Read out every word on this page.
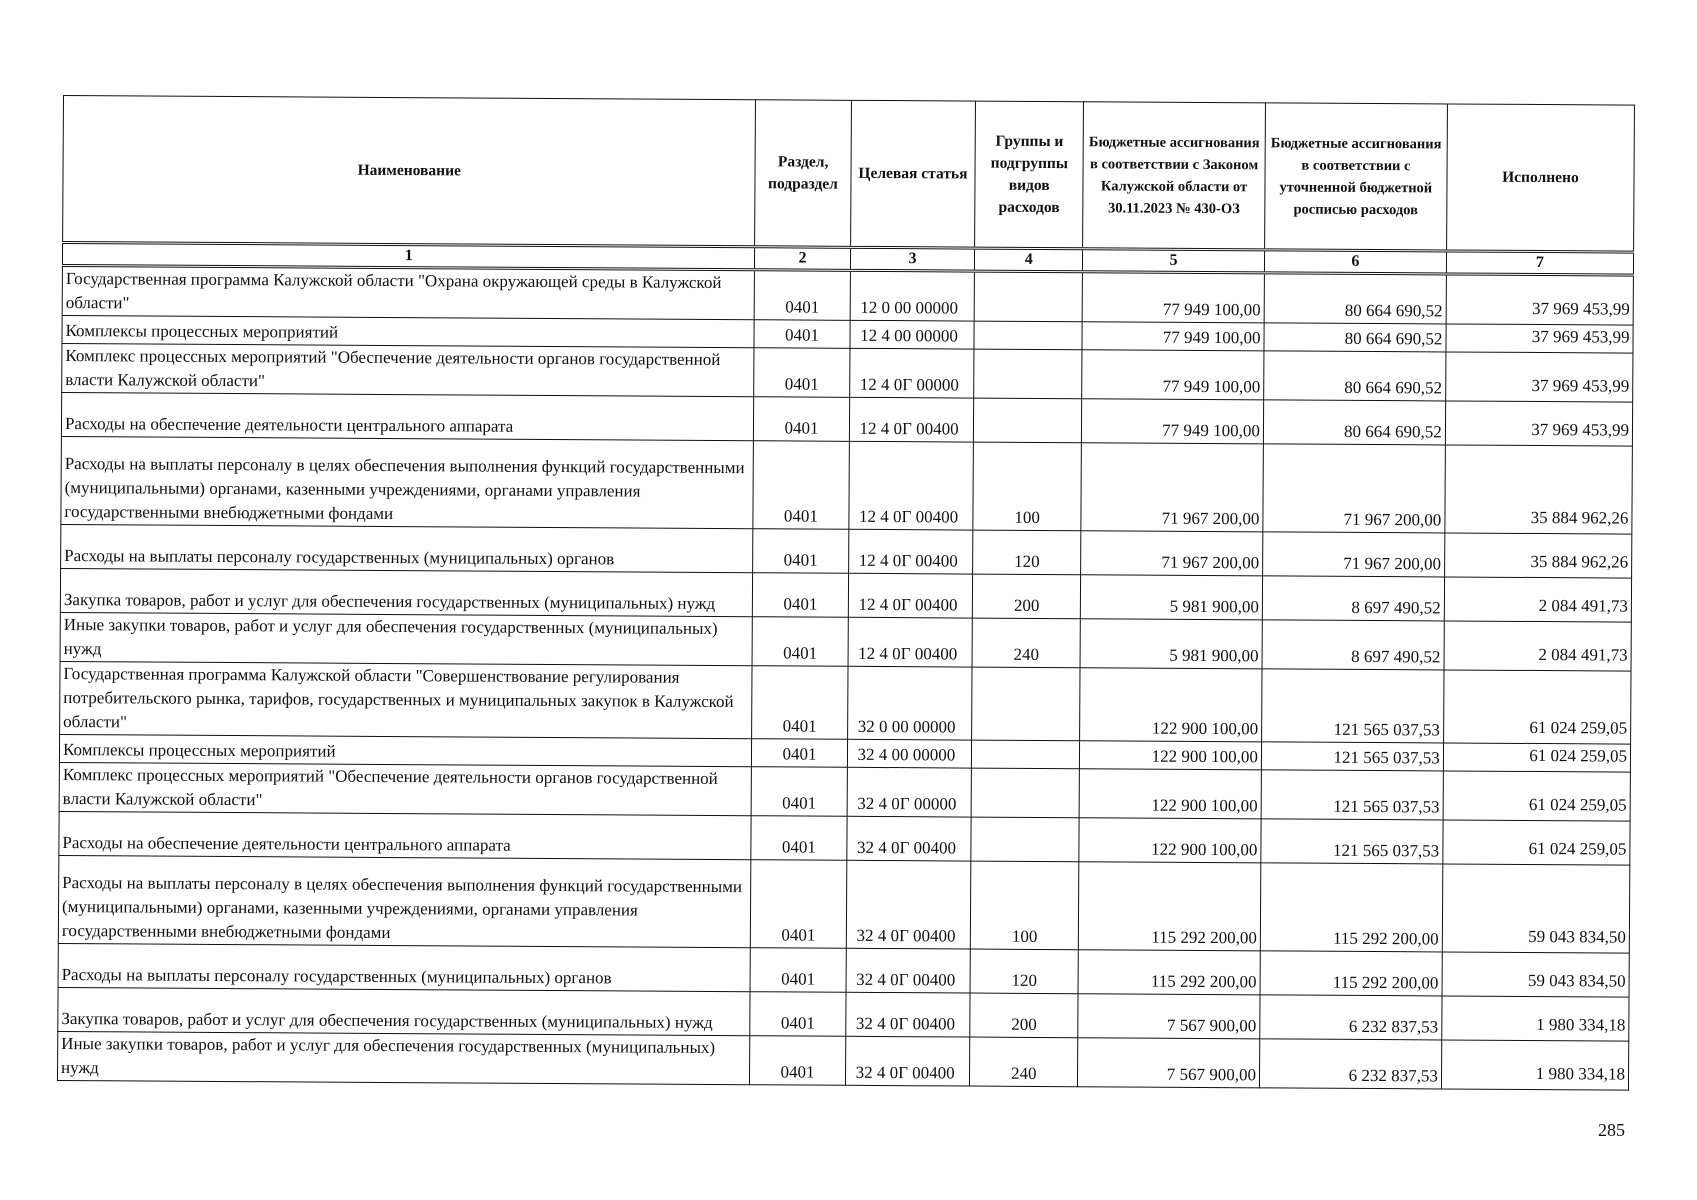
Наименование	Раздел, подраздел	Целевая статья	Группы и подгруппы видов расходов	Бюджетные ассигнования в соответствии с Законом Калужской области от 30.11.2023 № 430-ОЗ	Бюджетные ассигнования в соответствии с уточненной бюджетной росписью расходов	Исполнено
1	2	3	4	5	6	7
Государственная программа Калужской области "Охрана окружающей среды в Калужской области"	0401	12 0 00 00000		77 949 100,00	80 664 690,52	37 969 453,99
Комплексы процессных мероприятий	0401	12 4 00 00000		77 949 100,00	80 664 690,52	37 969 453,99
Комплекс процессных мероприятий "Обеспечение деятельности органов государственной власти Калужской области"	0401	12 4 0Г 00000		77 949 100,00	80 664 690,52	37 969 453,99
Расходы на обеспечение деятельности центрального аппарата	0401	12 4 0Г 00400		77 949 100,00	80 664 690,52	37 969 453,99
Расходы на выплаты персоналу в целях обеспечения выполнения функций государственными (муниципальными) органами, казенными учреждениями, органами управления государственными внебюджетными фондами	0401	12 4 0Г 00400	100	71 967 200,00	71 967 200,00	35 884 962,26
Расходы на выплаты персоналу государственных (муниципальных) органов	0401	12 4 0Г 00400	120	71 967 200,00	71 967 200,00	35 884 962,26
Закупка товаров, работ и услуг для обеспечения государственных (муниципальных) нужд	0401	12 4 0Г 00400	200	5 981 900,00	8 697 490,52	2 084 491,73
Иные закупки товаров, работ и услуг для обеспечения государственных (муниципальных) нужд	0401	12 4 0Г 00400	240	5 981 900,00	8 697 490,52	2 084 491,73
Государственная программа Калужской области "Совершенствование регулирования потребительского рынка, тарифов, государственных и муниципальных закупок в Калужской области"	0401	32 0 00 00000		122 900 100,00	121 565 037,53	61 024 259,05
Комплексы процессных мероприятий	0401	32 4 00 00000		122 900 100,00	121 565 037,53	61 024 259,05
Комплекс процессных мероприятий "Обеспечение деятельности органов государственной власти Калужской области"	0401	32 4 0Г 00000		122 900 100,00	121 565 037,53	61 024 259,05
Расходы на обеспечение деятельности центрального аппарата	0401	32 4 0Г 00400		122 900 100,00	121 565 037,53	61 024 259,05
Расходы на выплаты персоналу в целях обеспечения выполнения функций государственными (муниципальными) органами, казенными учреждениями, органами управления государственными внебюджетными фондами	0401	32 4 0Г 00400	100	115 292 200,00	115 292 200,00	59 043 834,50
Расходы на выплаты персоналу государственных (муниципальных) органов	0401	32 4 0Г 00400	120	115 292 200,00	115 292 200,00	59 043 834,50
Закупка товаров, работ и услуг для обеспечения государственных (муниципальных) нужд	0401	32 4 0Г 00400	200	7 567 900,00	6 232 837,53	1 980 334,18
Иные закупки товаров, работ и услуг для обеспечения государственных (муниципальных) нужд	0401	32 4 0Г 00400	240	7 567 900,00	6 232 837,53	1 980 334,18
285
